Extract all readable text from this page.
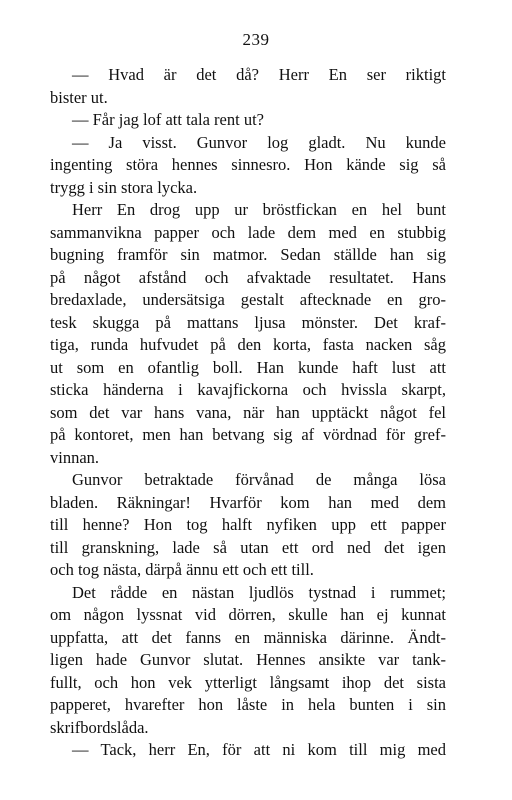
239
— Hvad är det då? Herr En ser riktigt
bister ut.
— Får jag lof att tala rent ut?
— Ja visst. Gunvor log gladt. Nu kunde
ingenting störa hennes sinnesro. Hon kände sig så
trygg i sin stora lycka.
Herr En drog upp ur bröstfickan en hel bunt
sammanvikna papper och lade dem med en stubbig
bugning framför sin matmor. Sedan ställde han sig
på något afstånd och afvaktade resultatet. Hans
bredaxlade, undersätsiga gestalt aftecknade en gro-
tesk skugga på mattans ljusa mönster. Det kraf-
tiga, runda hufvudet på den korta, fasta nacken såg
ut som en ofantlig boll. Han kunde haft lust att
sticka händerna i kavajfickorna och hvissla skarpt,
som det var hans vana, när han upptäckt något fel
på kontoret, men han betvang sig af vördnad för gref-
vinnan.
Gunvor betraktade förvånad de många lösa
bladen. Räkningar! Hvarför kom han med dem
till henne? Hon tog halft nyfiken upp ett papper
till granskning, lade så utan ett ord ned det igen
och tog nästa, därpå ännu ett och ett till.
Det rådde en nästan ljudlös tystnad i rummet;
om någon lyssnat vid dörren, skulle han ej kunnat
uppfatta, att det fanns en människa därinne. Ändt-
ligen hade Gunvor slutat. Hennes ansikte var tank-
fullt, och hon vek ytterligt långsamt ihop det sista
papperet, hvarefter hon låste in hela bunten i sin
skrifbordslåda.
— Tack, herr En, för att ni kom till mig med
